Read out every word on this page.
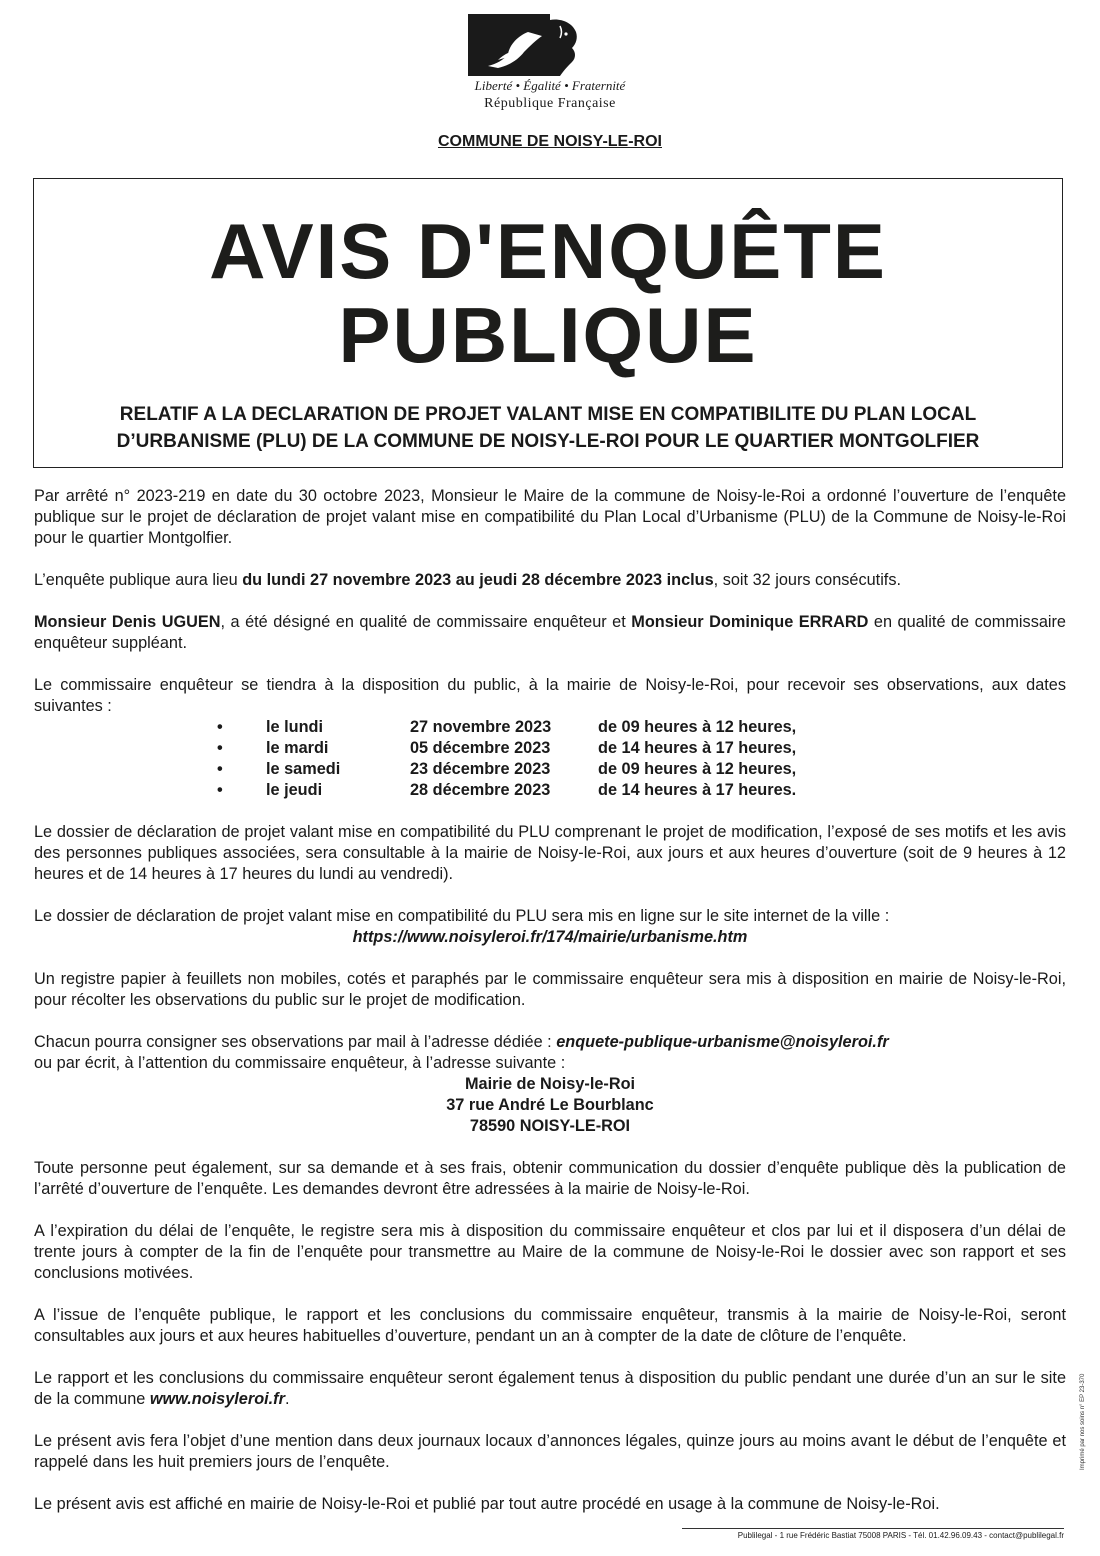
Liberté • Égalité • Fraternité
République Française
COMMUNE DE NOISY-LE-ROI
AVIS D'ENQUÊTE
PUBLIQUE
RELATIF A LA DECLARATION DE PROJET VALANT MISE EN COMPATIBILITE DU PLAN LOCAL
D’URBANISME (PLU) DE LA COMMUNE DE NOISY-LE-ROI POUR LE QUARTIER MONTGOLFIER

Par arrêté n° 2023-219 en date du 30 octobre 2023, Monsieur le Maire de la commune de Noisy-le-Roi a ordonné l’ouverture de l’enquête publique sur le projet de déclaration de projet valant mise en compatibilité du Plan Local d’Urbanisme (PLU) de la Commune de Noisy-le-Roi pour le quartier Montgolfier.

L’enquête publique aura lieu du lundi 27 novembre 2023 au jeudi 28 décembre 2023 inclus, soit 32 jours consécutifs.

Monsieur Denis UGUEN, a été désigné en qualité de commissaire enquêteur et Monsieur Dominique ERRARD en qualité de commissaire enquêteur suppléant.

Le commissaire enquêteur se tiendra à la disposition du public, à la mairie de Noisy-le-Roi, pour recevoir ses observations, aux dates suivantes :

•	le lundi	27 novembre 2023	de 09 heures à 12 heures,
•	le mardi	05 décembre 2023	de 14 heures à 17 heures,
•	le samedi	23 décembre 2023	de 09 heures à 12 heures,
•	le jeudi	28 décembre 2023	de 14 heures à 17 heures.

Le dossier de déclaration de projet valant mise en compatibilité du PLU comprenant le projet de modification, l’exposé de ses motifs et les avis des personnes publiques associées, sera consultable à la mairie de Noisy-le-Roi, aux jours et aux heures d’ouverture (soit de 9 heures à 12 heures et de 14 heures à 17 heures du lundi au vendredi).

Le dossier de déclaration de projet valant mise en compatibilité du PLU sera mis en ligne sur le site internet de la ville :

https://www.noisyleroi.fr/174/mairie/urbanisme.htm

Un registre papier à feuillets non mobiles, cotés et paraphés par le commissaire enquêteur sera mis à disposition en mairie de Noisy-le-Roi, pour récolter les observations du public sur le projet de modification.

Chacun pourra consigner ses observations par mail à l’adresse dédiée : enquete-publique-urbanisme@noisyleroi.fr
ou par écrit, à l’attention du commissaire enquêteur, à l’adresse suivante :

Mairie de Noisy-le-Roi
37 rue André Le Bourblanc
78590 NOISY-LE-ROI

Toute personne peut également, sur sa demande et à ses frais, obtenir communication du dossier d’enquête publique dès la publication de l’arrêté d’ouverture de l’enquête. Les demandes devront être adressées à la mairie de Noisy-le-Roi.

A l’expiration du délai de l’enquête, le registre sera mis à disposition du commissaire enquêteur et clos par lui et il disposera d’un délai de trente jours à compter de la fin de l’enquête pour transmettre au Maire de la commune de Noisy-le-Roi le dossier avec son rapport et ses conclusions motivées.

A l’issue de l’enquête publique, le rapport et les conclusions du commissaire enquêteur, transmis à la mairie de Noisy-le-Roi, seront consultables aux jours et aux heures habituelles d’ouverture, pendant un an à compter de la date de clôture de l’enquête.

Le rapport et les conclusions du commissaire enquêteur seront également tenus à disposition du public pendant une durée d’un an sur le site de la commune www.noisyleroi.fr.

Le présent avis fera l’objet d’une mention dans deux journaux locaux d’annonces légales, quinze jours au moins avant le début de l’enquête et rappelé dans les huit premiers jours de l’enquête.

Le présent avis est affiché en mairie de Noisy-le-Roi et publié par tout autre procédé en usage à la commune de Noisy-le-Roi.

Publilegal - 1 rue Frédéric Bastiat 75008 PARIS - Tél. 01.42.96.09.43 - contact@publilegal.fr
Imprimé par nos soins n° EP 23-370
